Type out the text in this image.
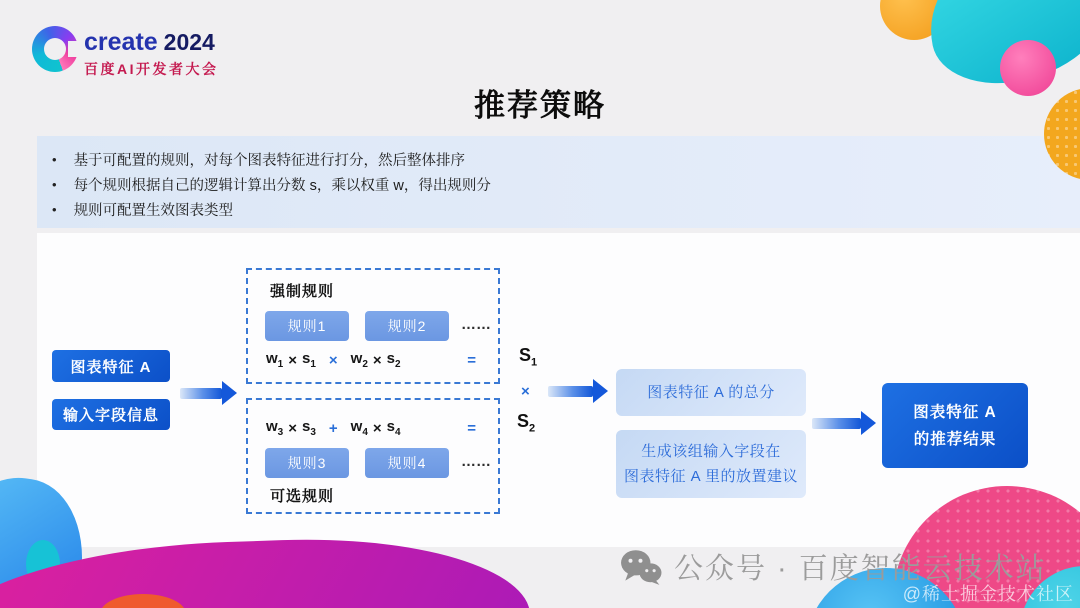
create 2024
百度AI开发者大会
推荐策略
• 基于可配置的规则，对每个图表特征进行打分，然后整体排序
• 每个规则根据自己的逻辑计算出分数 s，乘以权重 w，得出规则分
• 规则可配置生效图表类型
图表特征 A
输入字段信息
强制规则
规则1	规则2	……
$w_1 \times s_1 \times w_2 \times s_2$	=
$w_3 \times s_3 + w_4 \times s_4$	=
规则3	规则4	……
可选规则
$S_1$
×
$S_2$
图表特征 A 的总分
生成该组输入字段在
图表特征 A 里的放置建议
图表特征 A
的推荐结果
公众号 · 百度智能云技术站
@稀土掘金技术社区
